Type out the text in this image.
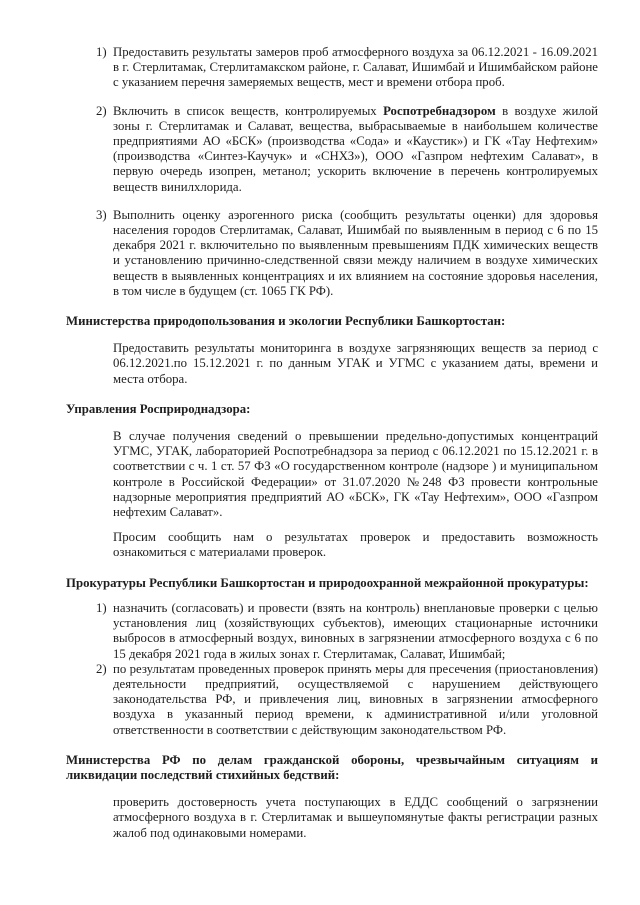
1) Предоставить результаты замеров проб атмосферного воздуха за 06.12.2021 - 16.09.2021 в г. Стерлитамак, Стерлитамакском районе, г. Салават, Ишимбай и Ишимбайском районе с указанием перечня замеряемых веществ, мест и времени отбора проб.
2) Включить в список веществ, контролируемых Роспотребнадзором в воздухе жилой зоны г. Стерлитамак и Салават, вещества, выбрасываемые в наибольшем количестве предприятиями АО «БСК» (производства «Сода» и «Каустик») и ГК «Тау Нефтехим» (производства «Синтез-Каучук» и «СНХЗ»), ООО «Газпром нефтехим Салават», в первую очередь изопрен, метанол; ускорить включение в перечень контролируемых веществ винилхлорида.
3) Выполнить оценку аэрогенного риска (сообщить результаты оценки) для здоровья населения городов Стерлитамак, Салават, Ишимбай по выявленным в период с 6 по 15 декабря 2021 г. включительно по выявленным превышениям ПДК химических веществ и установлению причинно-следственной связи между наличием в воздухе химических веществ в выявленных концентрациях и их влиянием на состояние здоровья населения, в том числе в будущем (ст. 1065 ГК РФ).
Министерства природопользования и экологии Республики Башкортостан:
Предоставить результаты мониторинга в воздухе загрязняющих веществ за период с 06.12.2021.по 15.12.2021 г. по данным УГАК и УГМС с указанием даты, времени и места отбора.
Управления Росприроднадзора:
В случае получения сведений о превышении предельно-допустимых концентраций УГМС, УГАК, лабораторией Роспотребнадзора за период с 06.12.2021 по 15.12.2021 г. в соответствии с ч. 1 ст. 57 ФЗ «О государственном контроле (надзоре ) и муниципальном контроле в Российской Федерации» от 31.07.2020 №248 ФЗ провести контрольные надзорные мероприятия предприятий АО «БСК», ГК «Тау Нефтехим», ООО «Газпром нефтехим Салават».
Просим сообщить нам о результатах проверок и предоставить возможность ознакомиться с материалами проверок.
Прокуратуры Республики Башкортостан и природоохранной межрайонной прокуратуры:
1) назначить (согласовать) и провести (взять на контроль) внеплановые проверки с целью установления лиц (хозяйствующих субъектов), имеющих стационарные источники выбросов в атмосферный воздух, виновных в загрязнении атмосферного воздуха с 6 по 15 декабря 2021 года в жилых зонах г. Стерлитамак, Салават, Ишимбай;
2) по результатам проведенных проверок принять меры для пресечения (приостановления) деятельности предприятий, осуществляемой с нарушением действующего законодательства РФ, и привлечения лиц, виновных в загрязнении атмосферного воздуха в указанный период времени, к административной и/или уголовной ответственности в соответствии с действующим законодательством РФ.
Министерства РФ по делам гражданской обороны, чрезвычайным ситуациям и ликвидации последствий стихийных бедствий:
проверить достоверность учета поступающих в ЕДДС сообщений о загрязнении атмосферного воздуха в г. Стерлитамак и вышеупомянутые факты регистрации разных жалоб под одинаковыми номерами.
